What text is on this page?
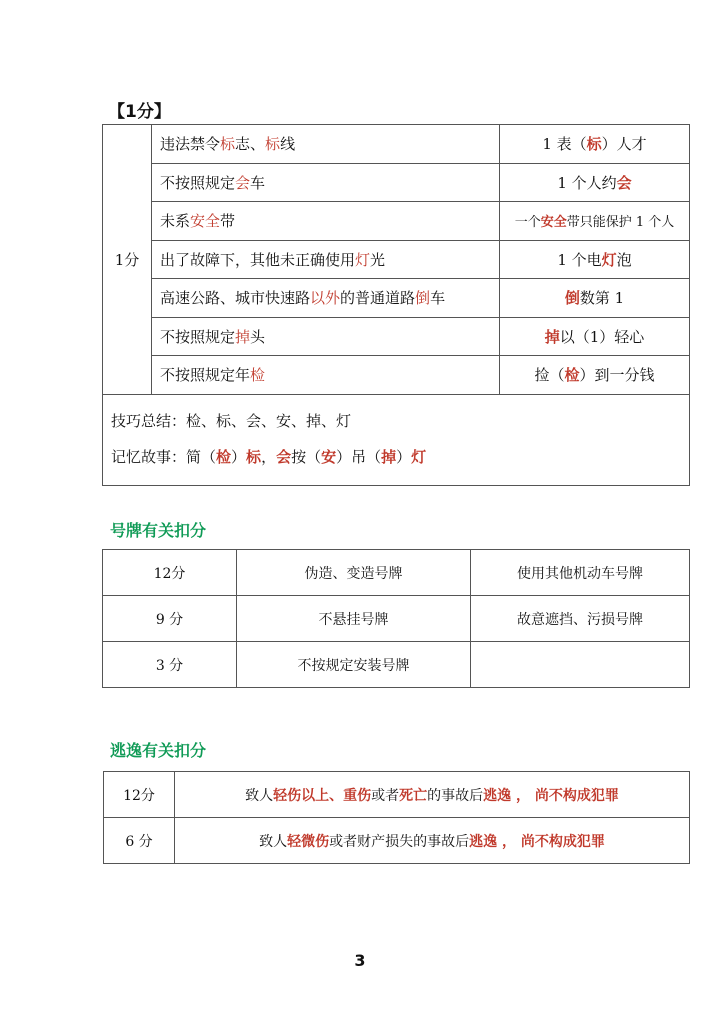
【1分】
1分	违法禁令标志、标线	1 表（标）人才
	不按照规定会车	1 个人约会
	未系安全带	一个安全带只能保护 1 个人
	出了故障下，其他未正确使用灯光	1 个电灯泡
	高速公路、城市快速路以外的普通道路倒车	倒数第 1
	不按照规定掉头	掉以（1）轻心
	不按照规定年检	捡（检）到一分钱

技巧总结：检、标、会、安、掉、灯
记忆故事：简（检）标，会按（安）吊（掉）灯		
号牌有关扣分
12分	伪造、变造号牌	使用其他机动车号牌
9 分	不悬挂号牌	故意遮挡、污损号牌
3 分	不按规定安装号牌	
逃逸有关扣分
12分	致人轻伤以上、重伤或者死亡的事故后逃逸 ， 尚不构成犯罪
6 分	致人轻微伤或者财产损失的事故后逃逸 ， 尚不构成犯罪
3
